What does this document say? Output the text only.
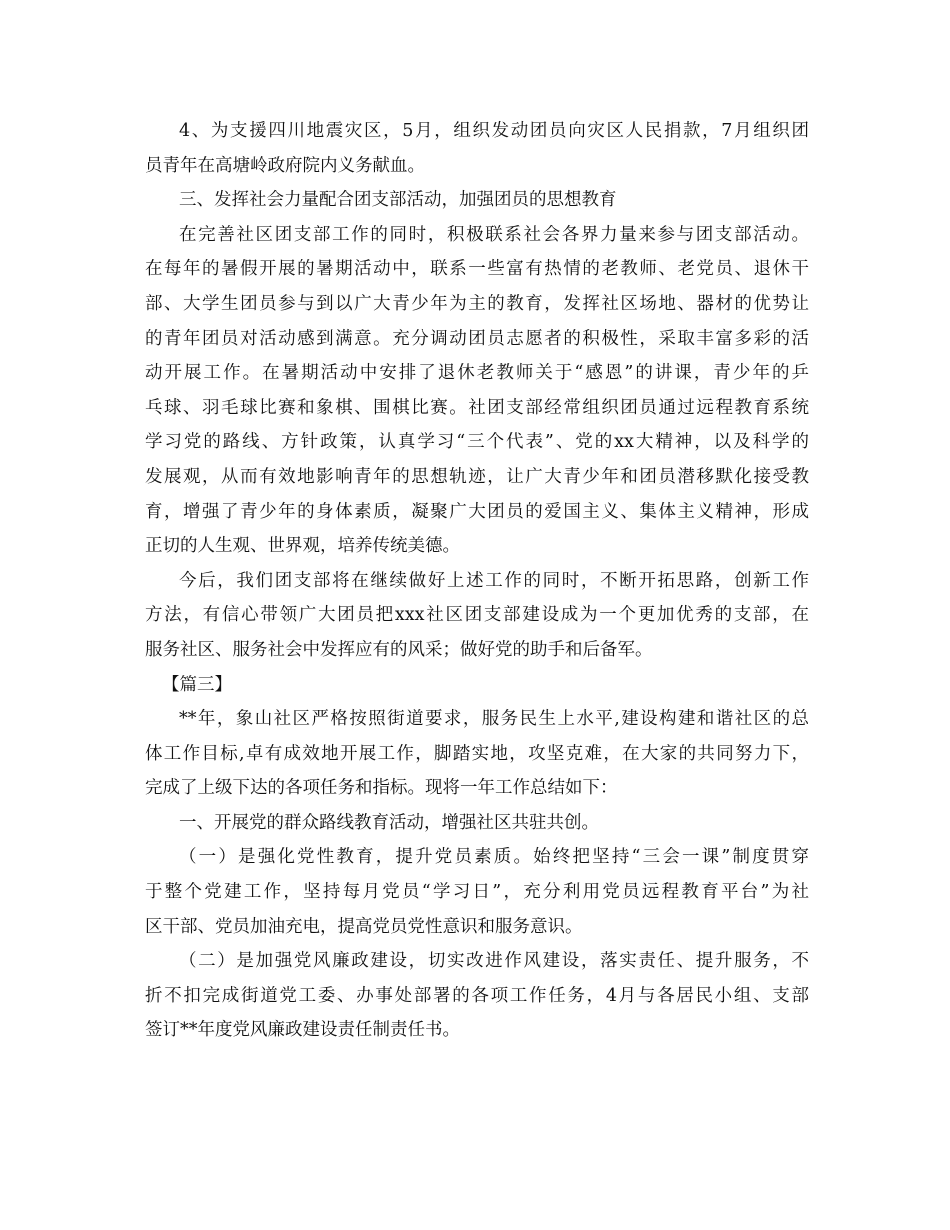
4、为支援四川地震灾区，5月，组织发动团员向灾区人民捐款，7月组织团
员青年在高塘岭政府院内义务献血。
三、发挥社会力量配合团支部活动，加强团员的思想教育
在完善社区团支部工作的同时，积极联系社会各界力量来参与团支部活动。
在每年的暑假开展的暑期活动中，联系一些富有热情的老教师、老党员、退休干
部、大学生团员参与到以广大青少年为主的教育，发挥社区场地、器材的优势让
的青年团员对活动感到满意。充分调动团员志愿者的积极性，采取丰富多彩的活
动开展工作。在暑期活动中安排了退休老教师关于“感恩”的讲课，青少年的乒
乓球、羽毛球比赛和象棋、围棋比赛。社团支部经常组织团员通过远程教育系统
学习党的路线、方针政策，认真学习“三个代表”、党的xx大精神，以及科学的
发展观，从而有效地影响青年的思想轨迹，让广大青少年和团员潜移默化接受教
育，增强了青少年的身体素质，凝聚广大团员的爱国主义、集体主义精神，形成
正切的人生观、世界观，培养传统美德。
今后，我们团支部将在继续做好上述工作的同时，不断开拓思路，创新工作
方法，有信心带领广大团员把xxx社区团支部建设成为一个更加优秀的支部，在
服务社区、服务社会中发挥应有的风采；做好党的助手和后备军。
【篇三】
**年，象山社区严格按照街道要求，服务民生上水平,建设构建和谐社区的总
体工作目标,卓有成效地开展工作，脚踏实地，攻坚克难，在大家的共同努力下，
完成了上级下达的各项任务和指标。现将一年工作总结如下：
一、开展党的群众路线教育活动，增强社区共驻共创。
（一）是强化党性教育，提升党员素质。始终把坚持“三会一课”制度贯穿
于整个党建工作，坚持每月党员“学习日”，充分利用党员远程教育平台”为社
区干部、党员加油充电，提高党员党性意识和服务意识。
（二）是加强党风廉政建设，切实改进作风建设，落实责任、提升服务，不
折不扣完成街道党工委、办事处部署的各项工作任务，4月与各居民小组、支部
签订**年度党风廉政建设责任制责任书。
